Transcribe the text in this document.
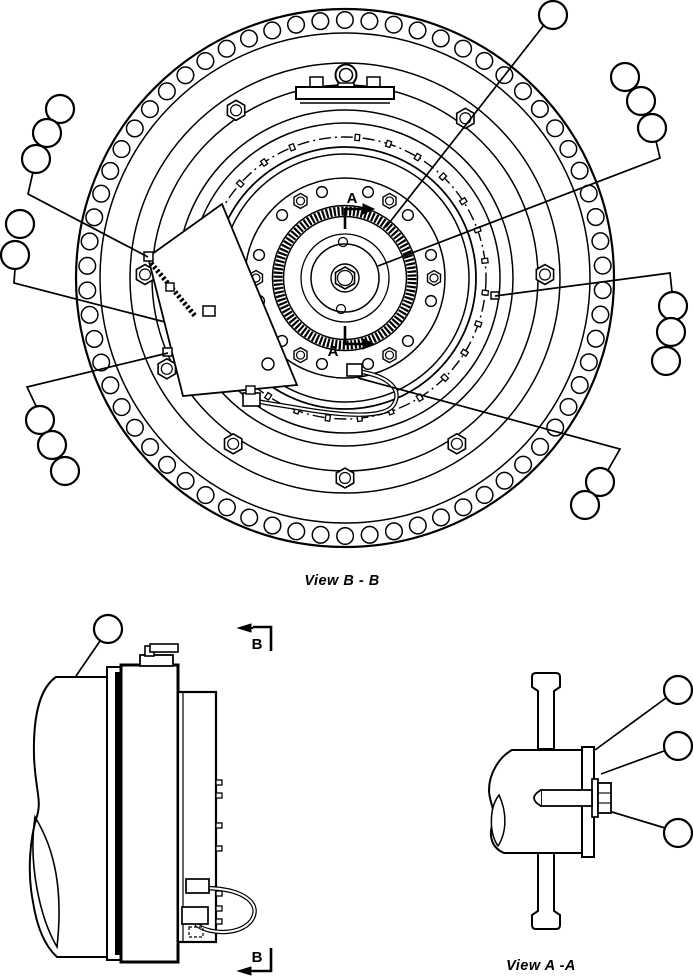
A
A
B
B
View B - B
View A -A
